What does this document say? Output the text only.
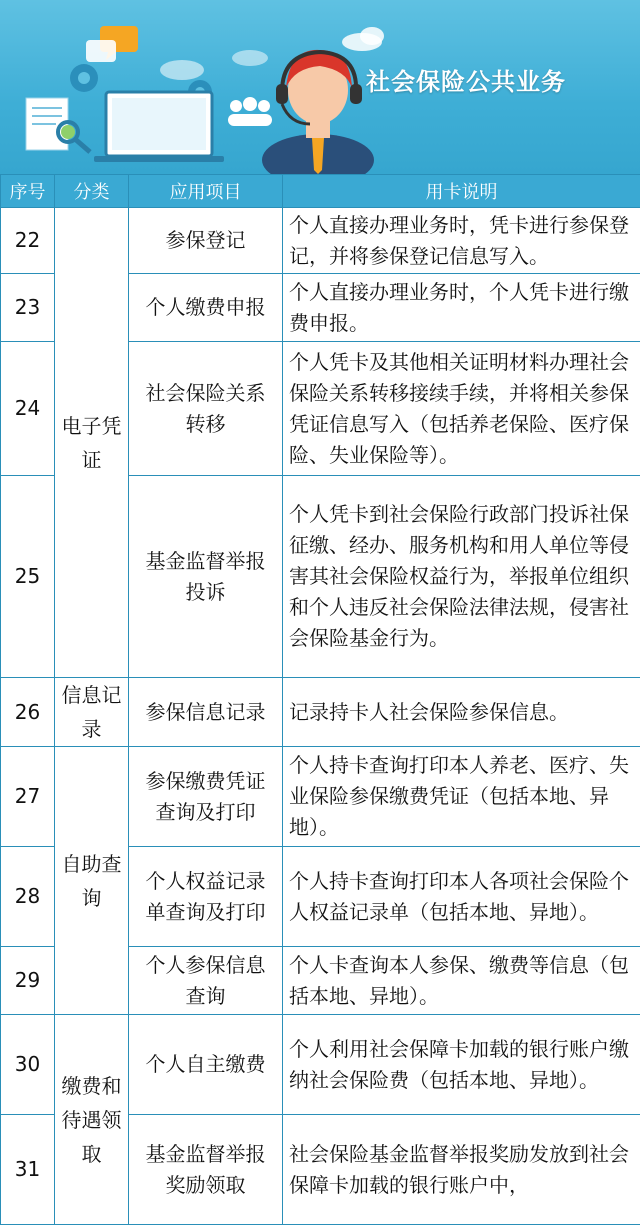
社会保险公共业务
序号	分类	应用项目	用卡说明
22	电子凭证	参保登记	个人直接办理业务时，凭卡进行参保登记，并将参保登记信息写入。
23		个人缴费申报	个人直接办理业务时，个人凭卡进行缴费申报。
24		社会保险关系转移	个人凭卡及其他相关证明材料办理社会保险关系转移接续手续，并将相关参保凭证信息写入（包括养老保险、医疗保险、失业保险等）。
25		基金监督举报投诉	个人凭卡到社会保险行政部门投诉社保征缴、经办、服务机构和用人单位等侵害其社会保险权益行为，举报单位组织和个人违反社会保险法律法规，侵害社会保险基金行为。
26	信息记录	参保信息记录	记录持卡人社会保险参保信息。
27	自助查询	参保缴费凭证查询及打印	个人持卡查询打印本人养老、医疗、失业保险参保缴费凭证（包括本地、异地）。
28		个人权益记录单查询及打印	个人持卡查询打印本人各项社会保险个人权益记录单（包括本地、异地）。
29		个人参保信息查询	个人卡查询本人参保、缴费等信息（包括本地、异地）。
30	缴费和待遇领取	个人自主缴费	个人利用社会保障卡加载的银行账户缴纳社会保险费（包括本地、异地）。
31		基金监督举报奖励领取	社会保险基金监督举报奖励发放到社会保障卡加载的银行账户中，
